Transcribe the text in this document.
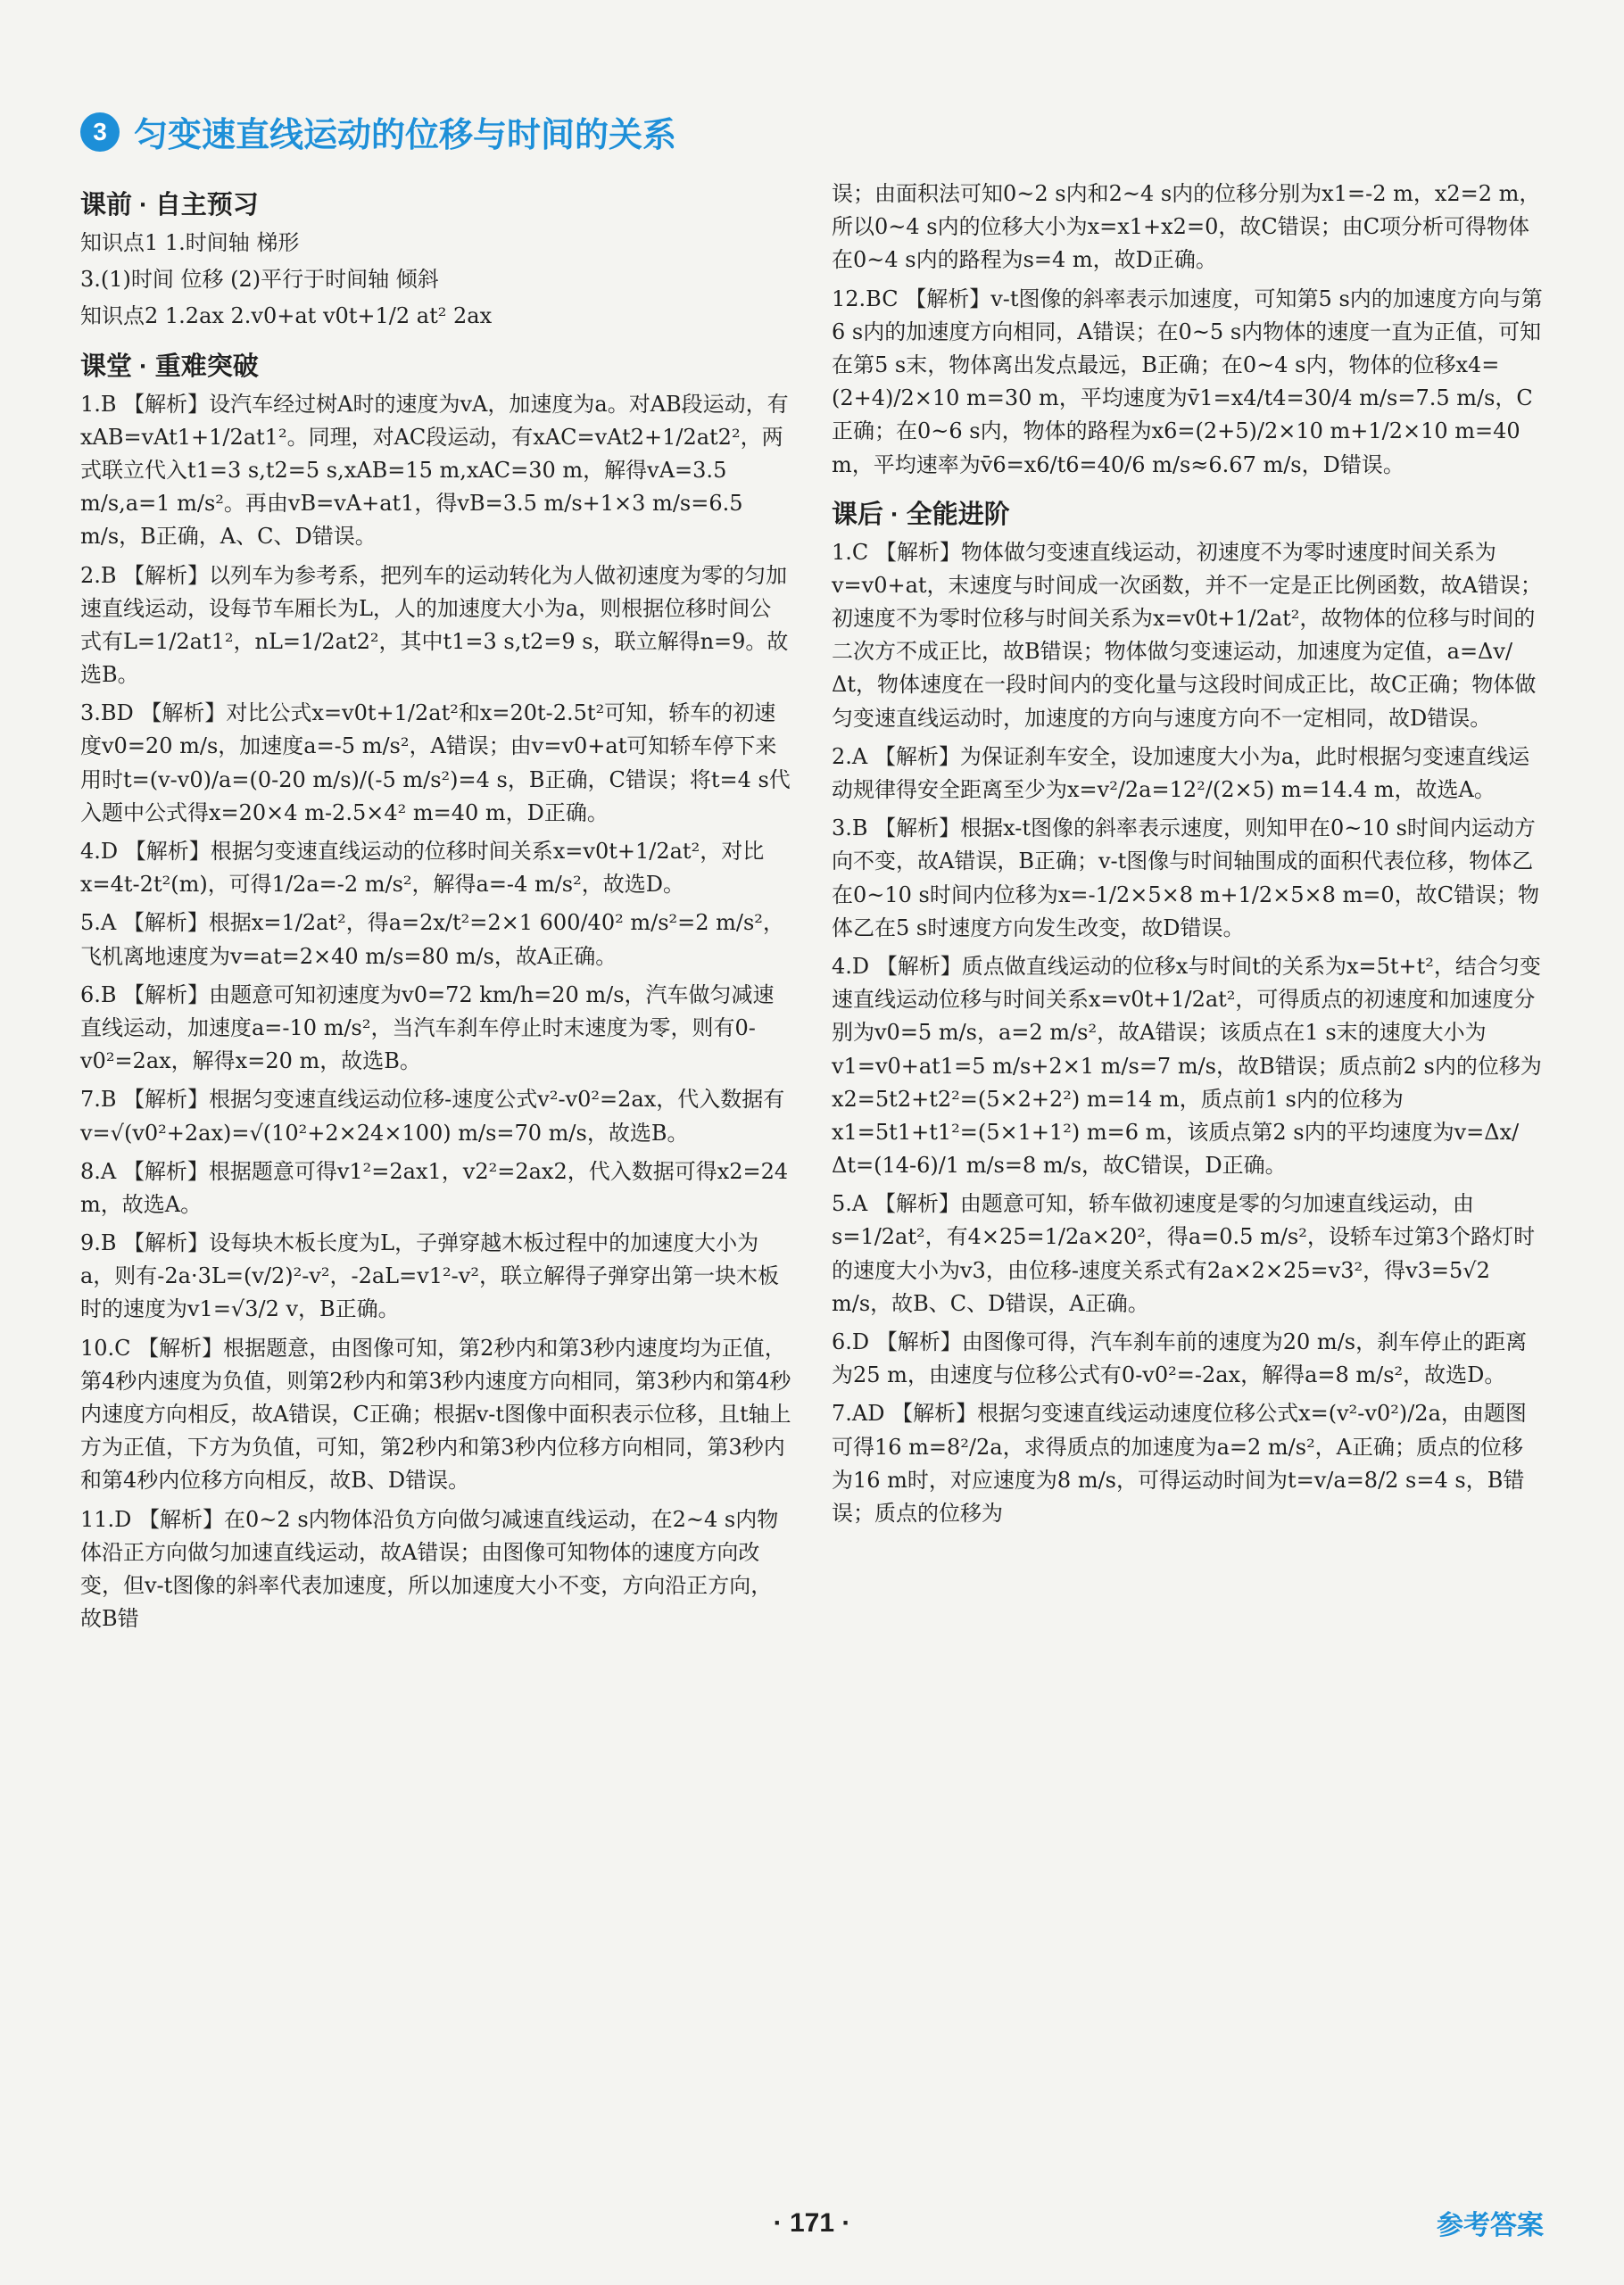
3 匀变速直线运动的位移与时间的关系
课前 · 自主预习
知识点1 1.时间轴 梯形
3.(1)时间 位移 (2)平行于时间轴 倾斜
知识点2 1.2ax 2.v0+at v0t+1/2 at² 2ax
课堂 · 重难突破
1.B 【解析】设汽车经过树A时的速度为vA，加速度为a。对AB段运动，有xAB=vAt1+1/2at1²。同理，对AC段运动，有xAC=vAt2+1/2at2²，两式联立代入t1=3 s,t2=5 s,xAB=15 m,xAC=30 m，解得vA=3.5 m/s,a=1 m/s²。再由vB=vA+at1，得vB=3.5 m/s+1×3 m/s=6.5 m/s，B正确，A、C、D错误。
2.B 【解析】以列车为参考系，把列车的运动转化为人做初速度为零的匀加速直线运动，设每节车厢长为L，人的加速度大小为a，则根据位移时间公式有L=1/2at1²，nL=1/2at2²，其中t1=3 s,t2=9 s，联立解得n=9。故选B。
3.BD 【解析】对比公式x=v0t+1/2at²和x=20t-2.5t²可知，轿车的初速度v0=20 m/s，加速度a=-5 m/s²，A错误；由v=v0+at可知轿车停下来用时t=(v-v0)/a=(0-20 m/s)/(-5 m/s²)=4 s，B正确，C错误；将t=4 s代入题中公式得x=20×4 m-2.5×4² m=40 m，D正确。
4.D 【解析】根据匀变速直线运动的位移时间关系x=v0t+1/2at²，对比x=4t-2t²(m)，可得1/2a=-2 m/s²，解得a=-4 m/s²，故选D。
5.A 【解析】根据x=1/2at²，得a=2x/t²=2×1 600/40² m/s²=2 m/s²，飞机离地速度为v=at=2×40 m/s=80 m/s，故A正确。
6.B 【解析】由题意可知初速度为v0=72 km/h=20 m/s，汽车做匀减速直线运动，加速度a=-10 m/s²，当汽车刹车停止时末速度为零，则有0-v0²=2ax，解得x=20 m，故选B。
7.B 【解析】根据匀变速直线运动位移-速度公式v²-v0²=2ax，代入数据有v=√(v0²+2ax)=√(10²+2×24×100) m/s=70 m/s，故选B。
8.A 【解析】根据题意可得v1²=2ax1，v2²=2ax2，代入数据可得x2=24 m，故选A。
9.B 【解析】设每块木板长度为L，子弹穿越木板过程中的加速度大小为a，则有-2a·3L=(v/2)²-v²，-2aL=v1²-v²，联立解得子弹穿出第一块木板时的速度为v1=√3/2 v，B正确。
10.C 【解析】根据题意，由图像可知，第2秒内和第3秒内速度均为正值，第4秒内速度为负值，则第2秒内和第3秒内速度方向相同，第3秒内和第4秒内速度方向相反，故A错误，C正确；根据v-t图像中面积表示位移，且t轴上方为正值，下方为负值，可知，第2秒内和第3秒内位移方向相同，第3秒内和第4秒内位移方向相反，故B、D错误。
11.D 【解析】在0~2 s内物体沿负方向做匀减速直线运动，在2~4 s内物体沿正方向做匀加速直线运动，故A错误；由图像可知物体的速度方向改变，但v-t图像的斜率代表加速度，所以加速度大小不变，方向沿正方向，故B错
误；由面积法可知0~2 s内和2~4 s内的位移分别为x1=-2 m，x2=2 m，所以0~4 s内的位移大小为x=x1+x2=0，故C错误；由C项分析可得物体在0~4 s内的路程为s=4 m，故D正确。
12.BC 【解析】v-t图像的斜率表示加速度，可知第5 s内的加速度方向与第6 s内的加速度方向相同，A错误；在0~5 s内物体的速度一直为正值，可知在第5 s末，物体离出发点最远，B正确；在0~4 s内，物体的位移x4=(2+4)/2×10 m=30 m，平均速度为v̄1=x4/t4=30/4 m/s=7.5 m/s，C正确；在0~6 s内，物体的路程为x6=(2+5)/2×10 m+1/2×10 m=40 m，平均速率为v̄6=x6/t6=40/6 m/s≈6.67 m/s，D错误。
课后 · 全能进阶
1.C 【解析】物体做匀变速直线运动，初速度不为零时速度时间关系为v=v0+at，末速度与时间成一次函数，并不一定是正比例函数，故A错误；初速度不为零时位移与时间关系为x=v0t+1/2at²，故物体的位移与时间的二次方不成正比，故B错误；物体做匀变速运动，加速度为定值，a=Δv/Δt，物体速度在一段时间内的变化量与这段时间成正比，故C正确；物体做匀变速直线运动时，加速度的方向与速度方向不一定相同，故D错误。
2.A 【解析】为保证刹车安全，设加速度大小为a，此时根据匀变速直线运动规律得安全距离至少为x=v²/2a=12²/(2×5) m=14.4 m，故选A。
3.B 【解析】根据x-t图像的斜率表示速度，则知甲在0~10 s时间内运动方向不变，故A错误，B正确；v-t图像与时间轴围成的面积代表位移，物体乙在0~10 s时间内位移为x=-1/2×5×8 m+1/2×5×8 m=0，故C错误；物体乙在5 s时速度方向发生改变，故D错误。
4.D 【解析】质点做直线运动的位移x与时间t的关系为x=5t+t²，结合匀变速直线运动位移与时间关系x=v0t+1/2at²，可得质点的初速度和加速度分别为v0=5 m/s，a=2 m/s²，故A错误；该质点在1 s末的速度大小为v1=v0+at1=5 m/s+2×1 m/s=7 m/s，故B错误；质点前2 s内的位移为x2=5t2+t2²=(5×2+2²) m=14 m，质点前1 s内的位移为x1=5t1+t1²=(5×1+1²) m=6 m，该质点第2 s内的平均速度为v=Δx/Δt=(14-6)/1 m/s=8 m/s，故C错误，D正确。
5.A 【解析】由题意可知，轿车做初速度是零的匀加速直线运动，由s=1/2at²，有4×25=1/2a×20²，得a=0.5 m/s²，设轿车过第3个路灯时的速度大小为v3，由位移-速度关系式有2a×2×25=v3²，得v3=5√2 m/s，故B、C、D错误，A正确。
6.D 【解析】由图像可得，汽车刹车前的速度为20 m/s，刹车停止的距离为25 m，由速度与位移公式有0-v0²=-2ax，解得a=8 m/s²，故选D。
7.AD 【解析】根据匀变速直线运动速度位移公式x=(v²-v0²)/2a，由题图可得16 m=8²/2a，求得质点的加速度为a=2 m/s²，A正确；质点的位移为16 m时，对应速度为8 m/s，可得运动时间为t=v/a=8/2 s=4 s，B错误；质点的位移为
· 171 ·	参考答案
